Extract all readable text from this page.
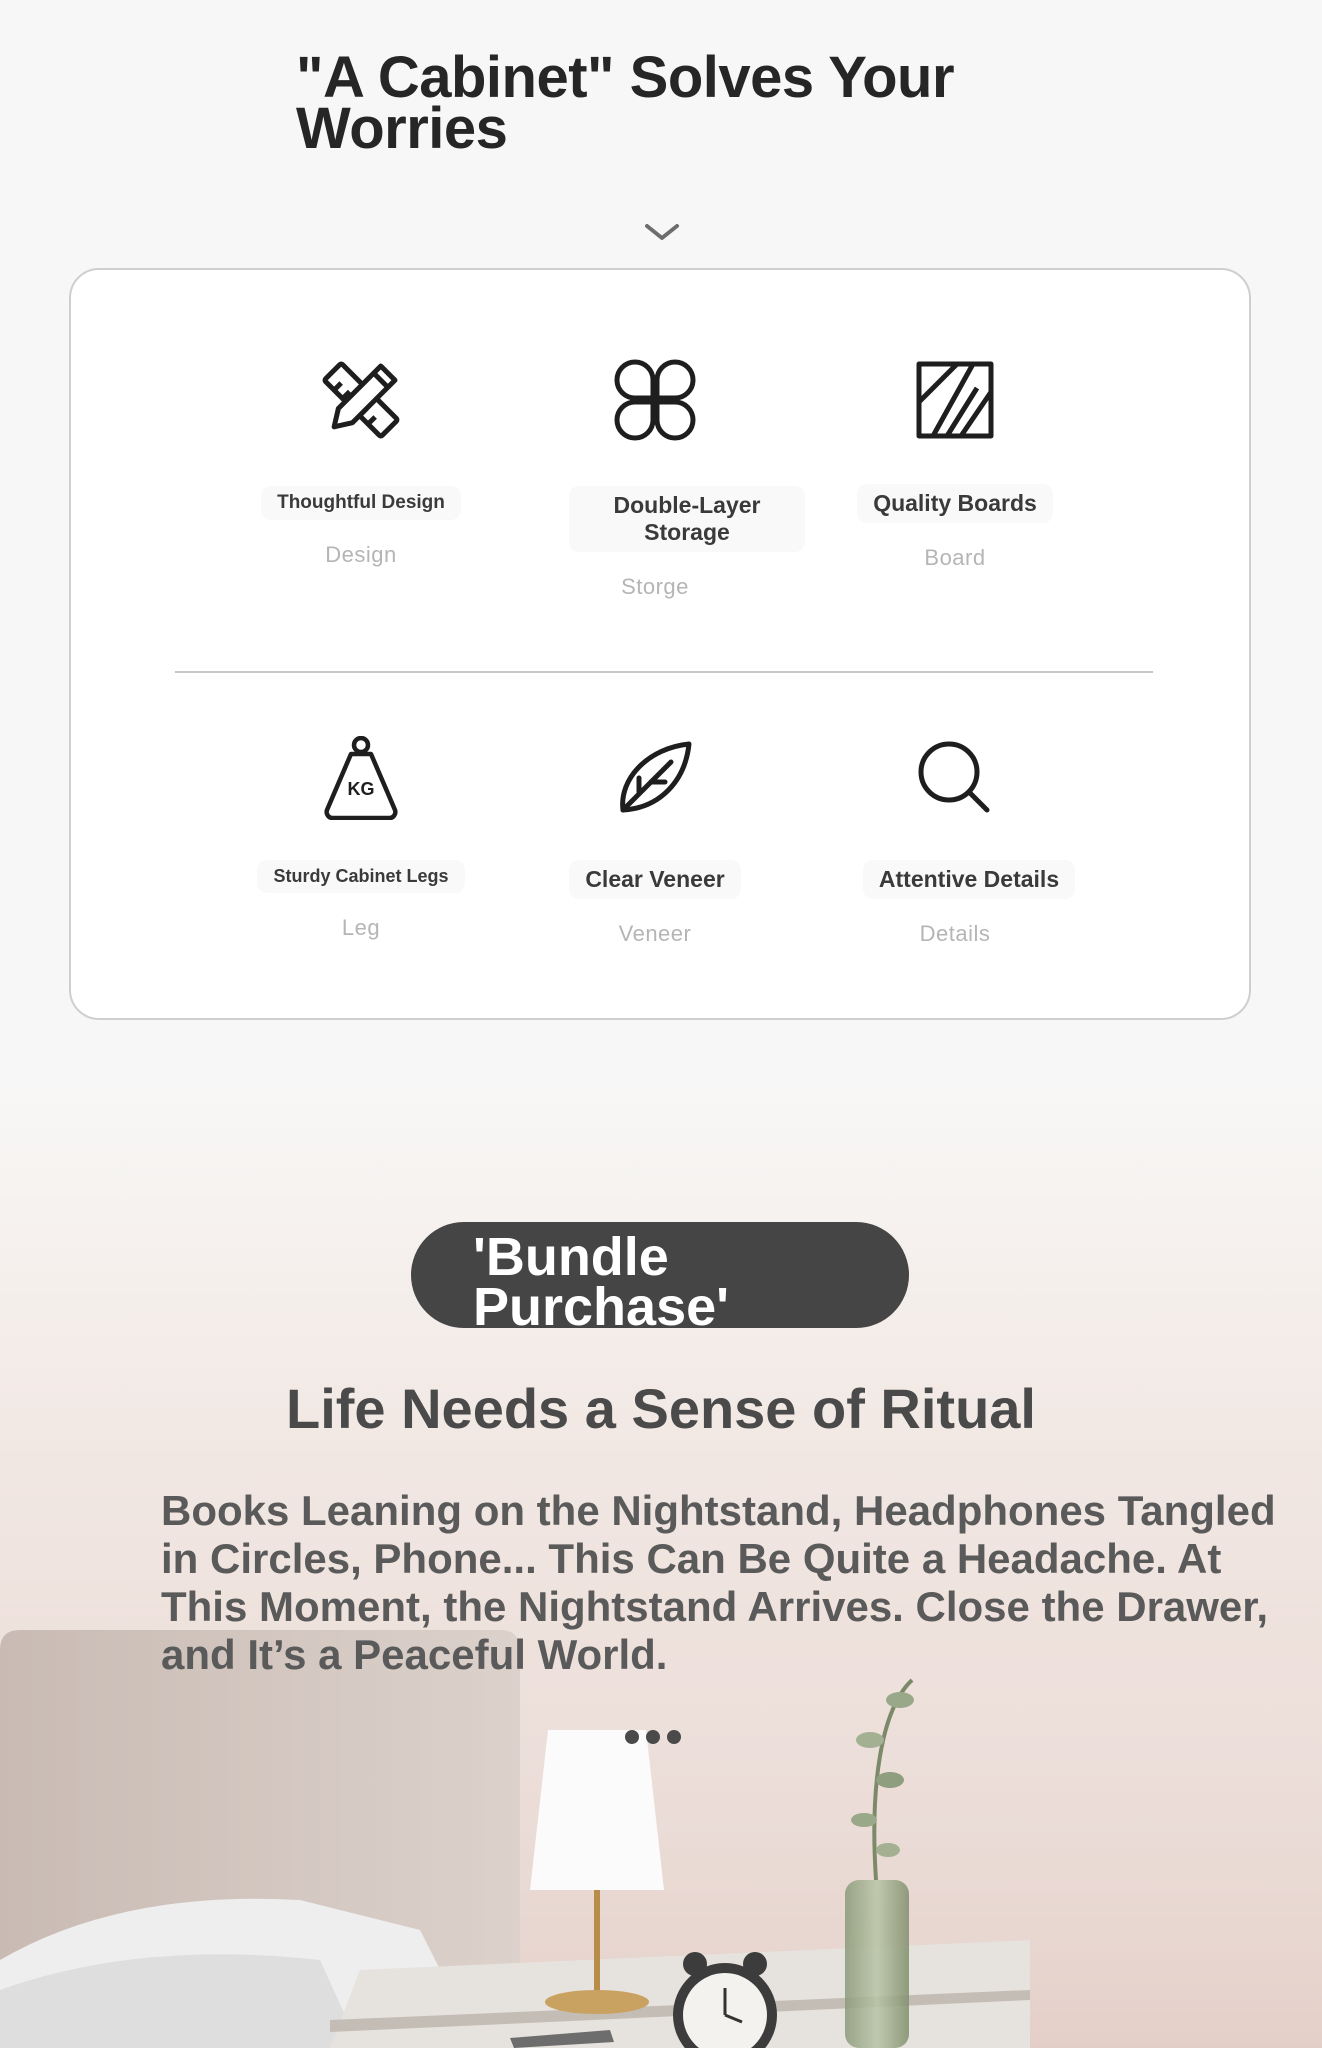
"A Cabinet" Solves Your Worries
Thoughtful Design
Design
Double-Layer Storage
Storge
Quality Boards
Board
KG
Sturdy Cabinet Legs
Leg
Clear Veneer
Veneer
Attentive Details
Details

'Bundle Purchase'

Life Needs a Sense of Ritual

Books Leaning on the Nightstand, Headphones Tangled in Circles, Phone... This Can Be Quite a Headache. At This Moment, the Nightstand Arrives. Close the Drawer, and It’s a Peaceful World.
